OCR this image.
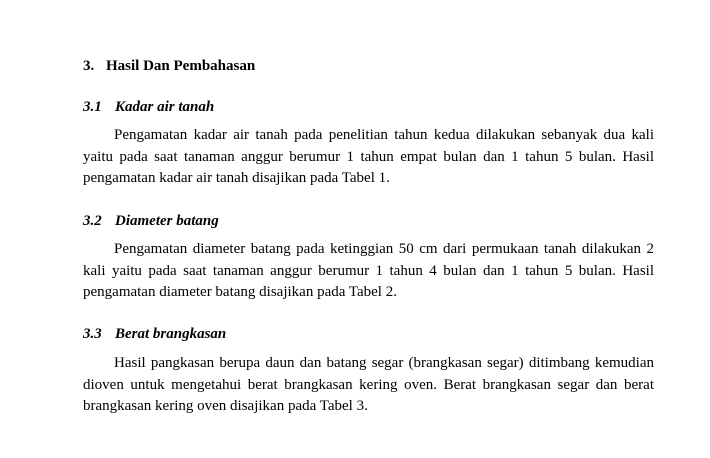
3. Hasil Dan Pembahasan
3.1 Kadar air tanah

Pengamatan kadar air tanah pada penelitian tahun kedua dilakukan sebanyak dua kali yaitu pada saat tanaman anggur berumur 1 tahun empat bulan dan 1 tahun 5 bulan. Hasil pengamatan kadar air tanah disajikan pada Tabel 1.

3.2 Diameter batang

Pengamatan diameter batang pada ketinggian 50 cm dari permukaan tanah dilakukan 2 kali yaitu pada saat tanaman anggur berumur 1 tahun 4 bulan dan 1 tahun 5 bulan. Hasil pengamatan diameter batang disajikan pada Tabel 2.

3.3 Berat brangkasan

Hasil pangkasan berupa daun dan batang segar (brangkasan segar) ditimbang kemudian dioven untuk mengetahui berat brangkasan kering oven. Berat brangkasan segar dan berat brangkasan kering oven disajikan pada Tabel 3.
